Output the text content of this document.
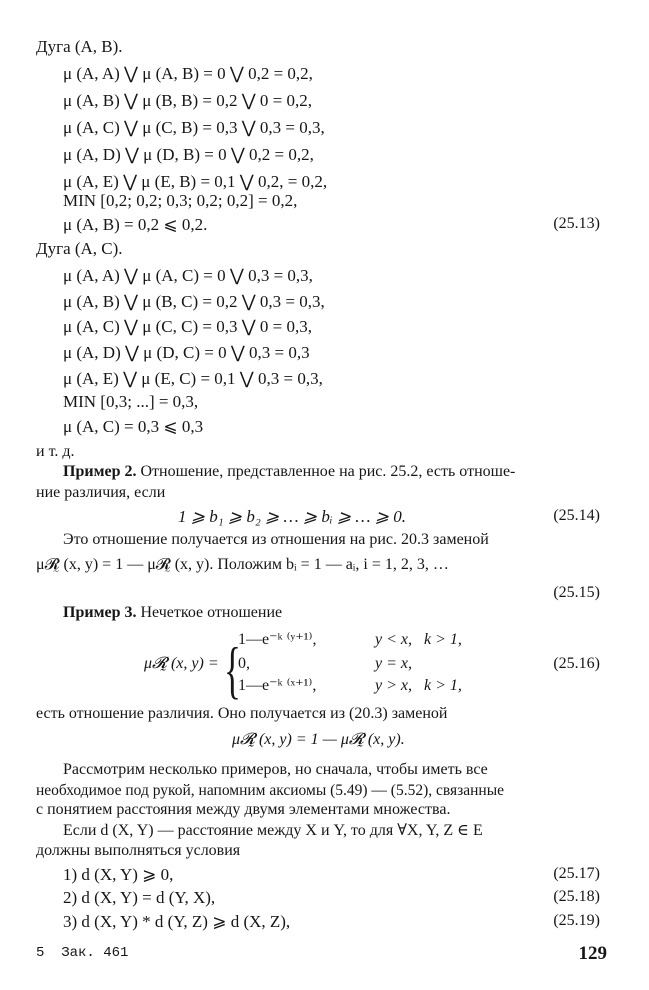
Дуга (A, B).
μ (A, A) ⋁ μ (A, B) = 0 ⋁ 0,2 = 0,2,
μ (A, B) ⋁ μ (B, B) = 0,2 ⋁ 0 = 0,2,
μ (A, C) ⋁ μ (C, B) = 0,3 ⋁ 0,3 = 0,3,
μ (A, D) ⋁ μ (D, B) = 0 ⋁ 0,2 = 0,2,
μ (A, E) ⋁ μ (E, B) = 0,1 ⋁ 0,2, = 0,2,
MIN [0,2; 0,2; 0,3; 0,2; 0,2] = 0,2,
μ (A, B) = 0,2 ⩽ 0,2.	(25.13)
Дуга (A, C).
μ (A, A) ⋁ μ (A, C) = 0 ⋁ 0,3 = 0,3,
μ (A, B) ⋁ μ (B, C) = 0,2 ⋁ 0,3 = 0,3,
μ (A, C) ⋁ μ (C, C) = 0,3 ⋁ 0 = 0,3,
μ (A, D) ⋁ μ (D, C) = 0 ⋁ 0,3 = 0,3
μ (A, E) ⋁ μ (E, C) = 0,1 ⋁ 0,3 = 0,3,
MIN [0,3; ...] = 0,3,
μ (A, C) = 0,3 ⩽ 0,3
и т. д.
Пример 2. Отношение, представленное на рис. 25.2, есть отноше-
ние различия, если
1 ⩾ b₁ ⩾ b₂ ⩾ … ⩾ bᵢ ⩾ … ⩾ 0.	(25.14)
Это отношение получается из отношения на рис. 20.3 заменой
μ𝓡̰ (x, y) = 1 — μ𝓡̰ (x, y). Положим bᵢ = 1 — aᵢ, i = 1, 2, 3, …
(25.15)
Пример 3. Нечеткое отношение
μ𝓡̰ (x, y) = {
1—e⁻ᵏ ⁽ʸ⁺¹⁾,	y < x,   k > 1,
0,	y = x,
1—e⁻ᵏ ⁽ˣ⁺¹⁾,	y > x,   k > 1,
(25.16)
есть отношение различия. Оно получается из (20.3) заменой
μ𝓡̰ (x, y) = 1 — μ𝓡̰ (x, y).
Рассмотрим несколько примеров, но сначала, чтобы иметь все
необходимое под рукой, напомним аксиомы (5.49) — (5.52), связанные
с понятием расстояния между двумя элементами множества.
Если d (X, Y) — расстояние между X и Y, то для ∀X, Y, Z ∈ E
должны выполняться условия
1) d (X, Y) ⩾ 0,	(25.17)
2) d (X, Y) = d (Y, X),	(25.18)
3) d (X, Y) * d (Y, Z) ⩾ d (X, Z),	(25.19)
5  Зак. 461	129
